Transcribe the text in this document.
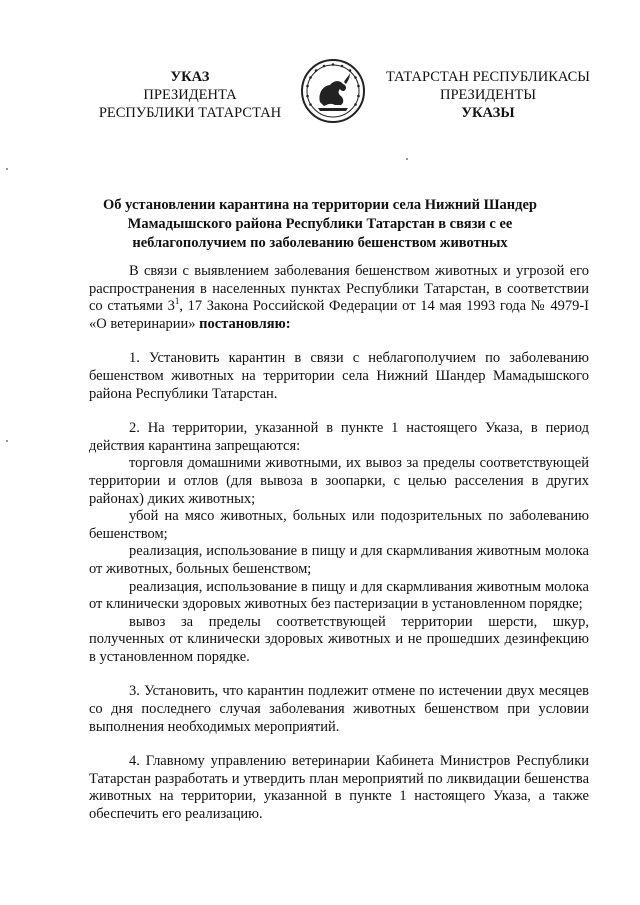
УКАЗ
ПРЕЗИДЕНТА
РЕСПУБЛИКИ ТАТАРСТАН
ТАТАРСТАН РЕСПУБЛИКАСЫ
ПРЕЗИДЕНТЫ
УКАЗЫ
Об установлении карантина на территории села Нижний Шандер
Мамадышского района Республики Татарстан в связи с ее
неблагополучием по заболеванию бешенством животных

В связи с выявлением заболевания бешенством животных и угрозой его распространения в населенных пунктах Республики Татарстан, в соответствии со статьями $3^1$, 17 Закона Российской Федерации от 14 мая 1993 года № 4979-I «О ветеринарии» постановляю:

1. Установить карантин в связи с неблагополучием по заболеванию бешенством животных на территории села Нижний Шандер Мамадышского района Республики Татарстан.

2. На территории, указанной в пункте 1 настоящего Указа, в период действия карантина запрещаются:

торговля домашними животными, их вывоз за пределы соответствующей территории и отлов (для вывоза в зоопарки, с целью расселения в других районах) диких животных;

убой на мясо животных, больных или подозрительных по заболеванию бешенством;

реализация, использование в пищу и для скармливания животным молока от животных, больных бешенством;

реализация, использование в пищу и для скармливания животным молока от клинически здоровых животных без пастеризации в установленном порядке;

вывоз за пределы соответствующей территории шерсти, шкур, полученных от клинически здоровых животных и не прошедших дезинфекцию в установленном порядке.

3. Установить, что карантин подлежит отмене по истечении двух месяцев со дня последнего случая заболевания животных бешенством при условии выполнения необходимых мероприятий.

4. Главному управлению ветеринарии Кабинета Министров Республики Татарстан разработать и утвердить план мероприятий по ликвидации бешенства животных на территории, указанной в пункте 1 настоящего Указа, а также обеспечить его реализацию.
